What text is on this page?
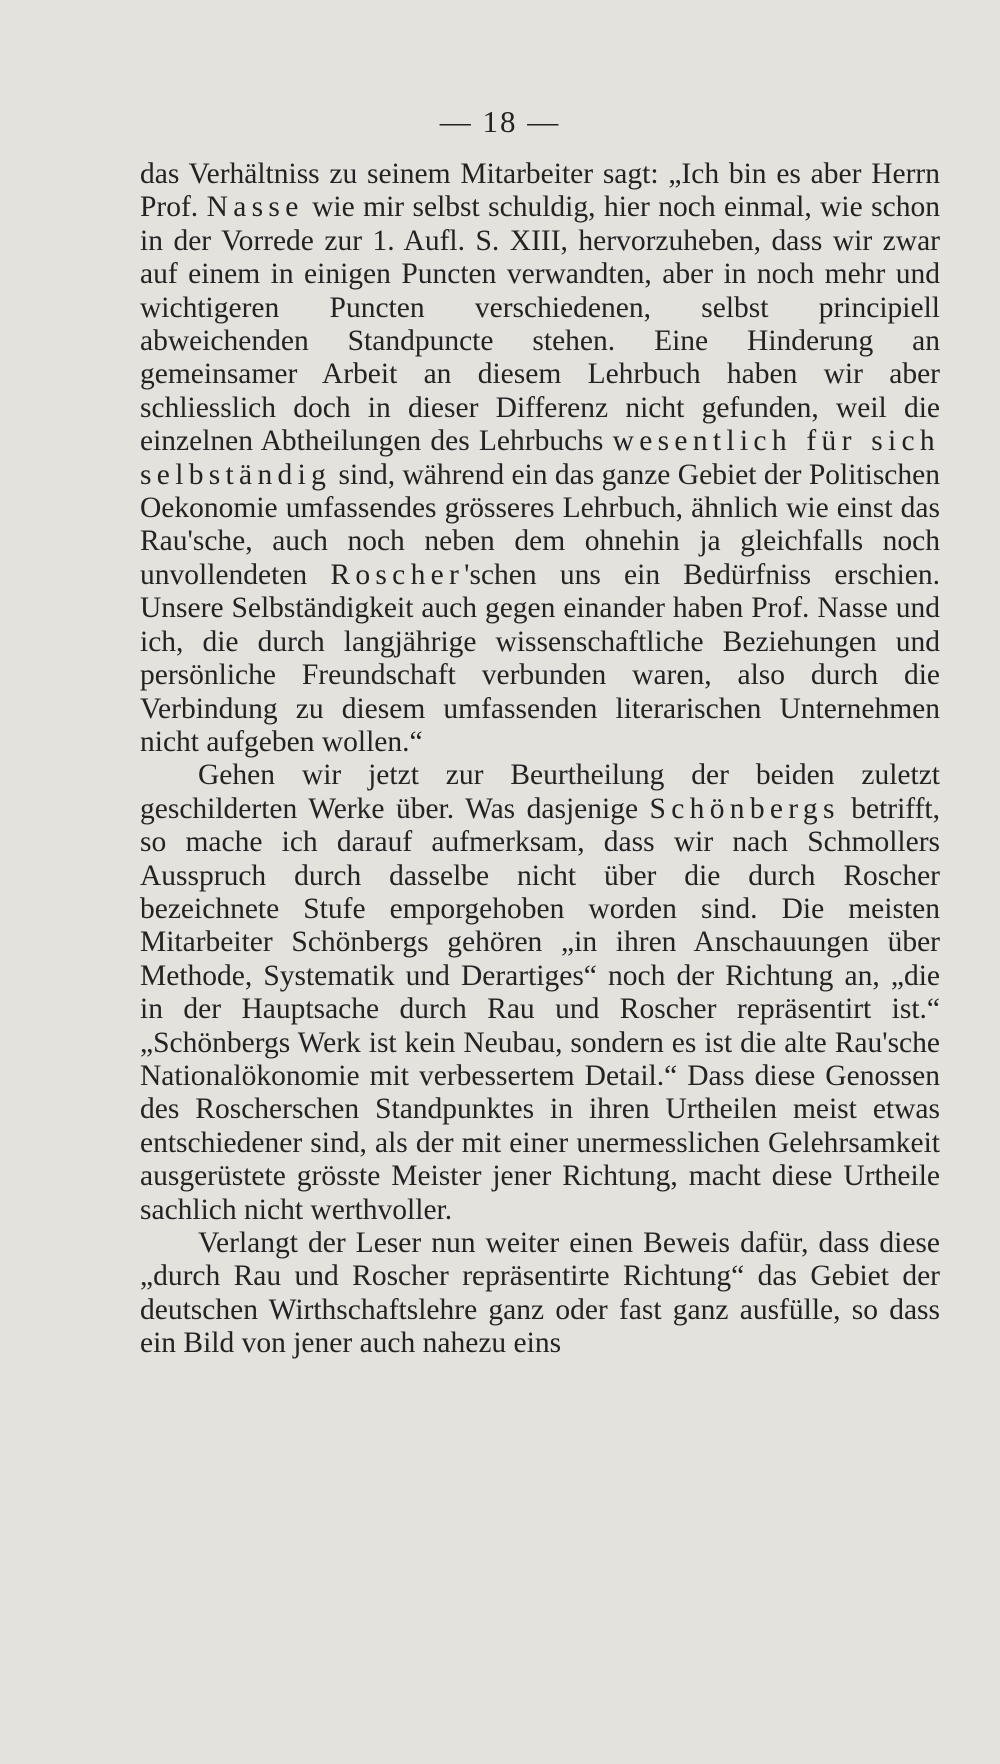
— 18 —

das Verhältniss zu seinem Mitarbeiter sagt: „Ich bin es aber Herrn Prof. Nasse wie mir selbst schuldig, hier noch einmal, wie schon in der Vorrede zur 1. Aufl. S. XIII, hervorzuheben, dass wir zwar auf einem in einigen Puncten verwandten, aber in noch mehr und wichtigeren Puncten verschiedenen, selbst principiell abweichenden Standpuncte stehen. Eine Hinderung an gemeinsamer Arbeit an diesem Lehrbuch haben wir aber schliesslich doch in dieser Differenz nicht gefunden, weil die einzelnen Abtheilungen des Lehrbuchs wesentlich für sich selbständig sind, während ein das ganze Gebiet der Politischen Oekonomie umfassendes grösseres Lehrbuch, ähnlich wie einst das Rau'sche, auch noch neben dem ohnehin ja gleichfalls noch unvollendeten Roscher'schen uns ein Bedürfniss erschien. Unsere Selbständigkeit auch gegen einander haben Prof. Nasse und ich, die durch langjährige wissenschaftliche Beziehungen und persönliche Freundschaft verbunden waren, also durch die Verbindung zu diesem umfassenden literarischen Unternehmen nicht aufgeben wollen.“

Gehen wir jetzt zur Beurtheilung der beiden zuletzt geschilderten Werke über. Was dasjenige Schönbergs betrifft, so mache ich darauf aufmerksam, dass wir nach Schmollers Ausspruch durch dasselbe nicht über die durch Roscher bezeichnete Stufe emporgehoben worden sind. Die meisten Mitarbeiter Schönbergs gehören „in ihren Anschauungen über Methode, Systematik und Derartiges“ noch der Richtung an, „die in der Hauptsache durch Rau und Roscher repräsentirt ist.“ „Schönbergs Werk ist kein Neubau, sondern es ist die alte Rau'sche Nationalökonomie mit verbessertem Detail.“ Dass diese Genossen des Roscherschen Standpunktes in ihren Urtheilen meist etwas entschiedener sind, als der mit einer unermesslichen Gelehrsamkeit ausgerüstete grösste Meister jener Richtung, macht diese Urtheile sachlich nicht werthvoller.

Verlangt der Leser nun weiter einen Beweis dafür, dass diese „durch Rau und Roscher repräsentirte Richtung“ das Gebiet der deutschen Wirthschaftslehre ganz oder fast ganz ausfülle, so dass ein Bild von jener auch nahezu eins
